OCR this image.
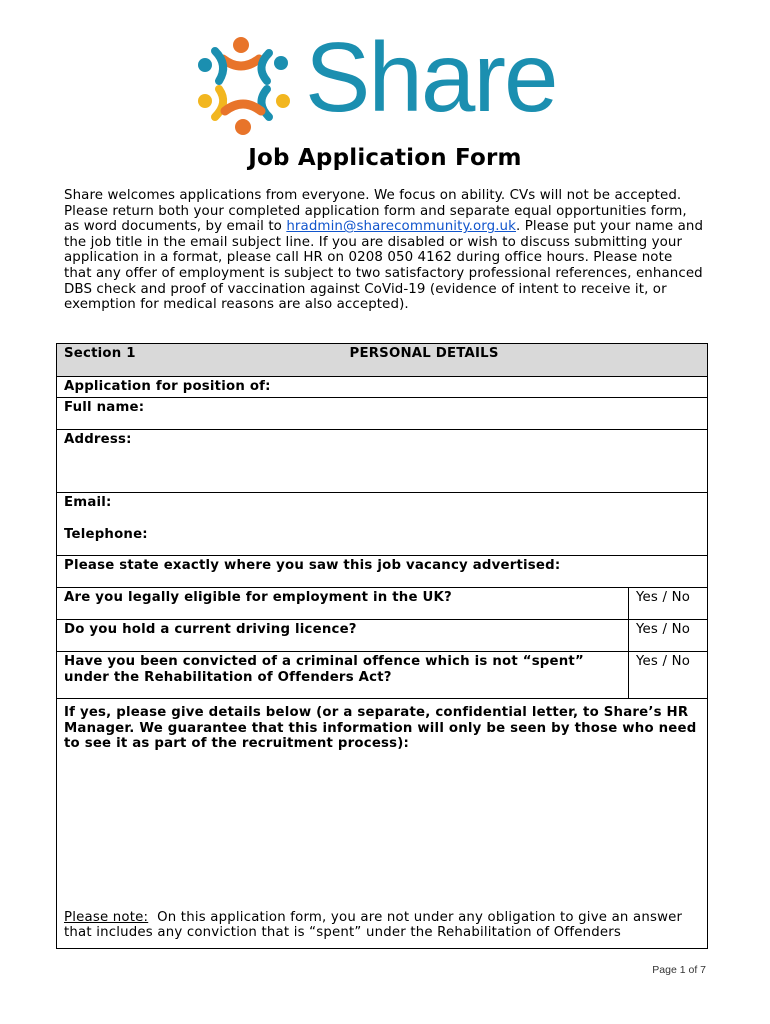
Share
Job Application Form
Share welcomes applications from everyone. We focus on ability. CVs will not be accepted. Please return both your completed application form and separate equal opportunities form, as word documents, by email to hradmin@sharecommunity.org.uk. Please put your name and the job title in the email subject line. If you are disabled or wish to discuss submitting your application in a format, please call HR on 0208 050 4162 during office hours. Please note that any offer of employment is subject to two satisfactory professional references, enhanced DBS check and proof of vaccination against CoVid-19 (evidence of intent to receive it, or exemption for medical reasons are also accepted).
Section 1	PERSONAL DETAILS	
Application for position of:		
Full name:		
Address:		

Email:
Telephone:		

Please state exactly where you saw this job vacancy advertised:		
Are you legally eligible for employment in the UK?		Yes / No
Do you hold a current driving licence?		Yes / No
Have you been convicted of a criminal offence which is not “spent” under the Rehabilitation of Offenders Act?		Yes / No

If yes, please give details below (or a separate, confidential letter, to Share’s HR Manager. We guarantee that this information will only be seen by those who need to see it as part of the recruitment process):
Please note:  On this application form, you are not under any obligation to give an answer that includes any conviction that is “spent” under the Rehabilitation of Offenders		
Page 1 of 7
